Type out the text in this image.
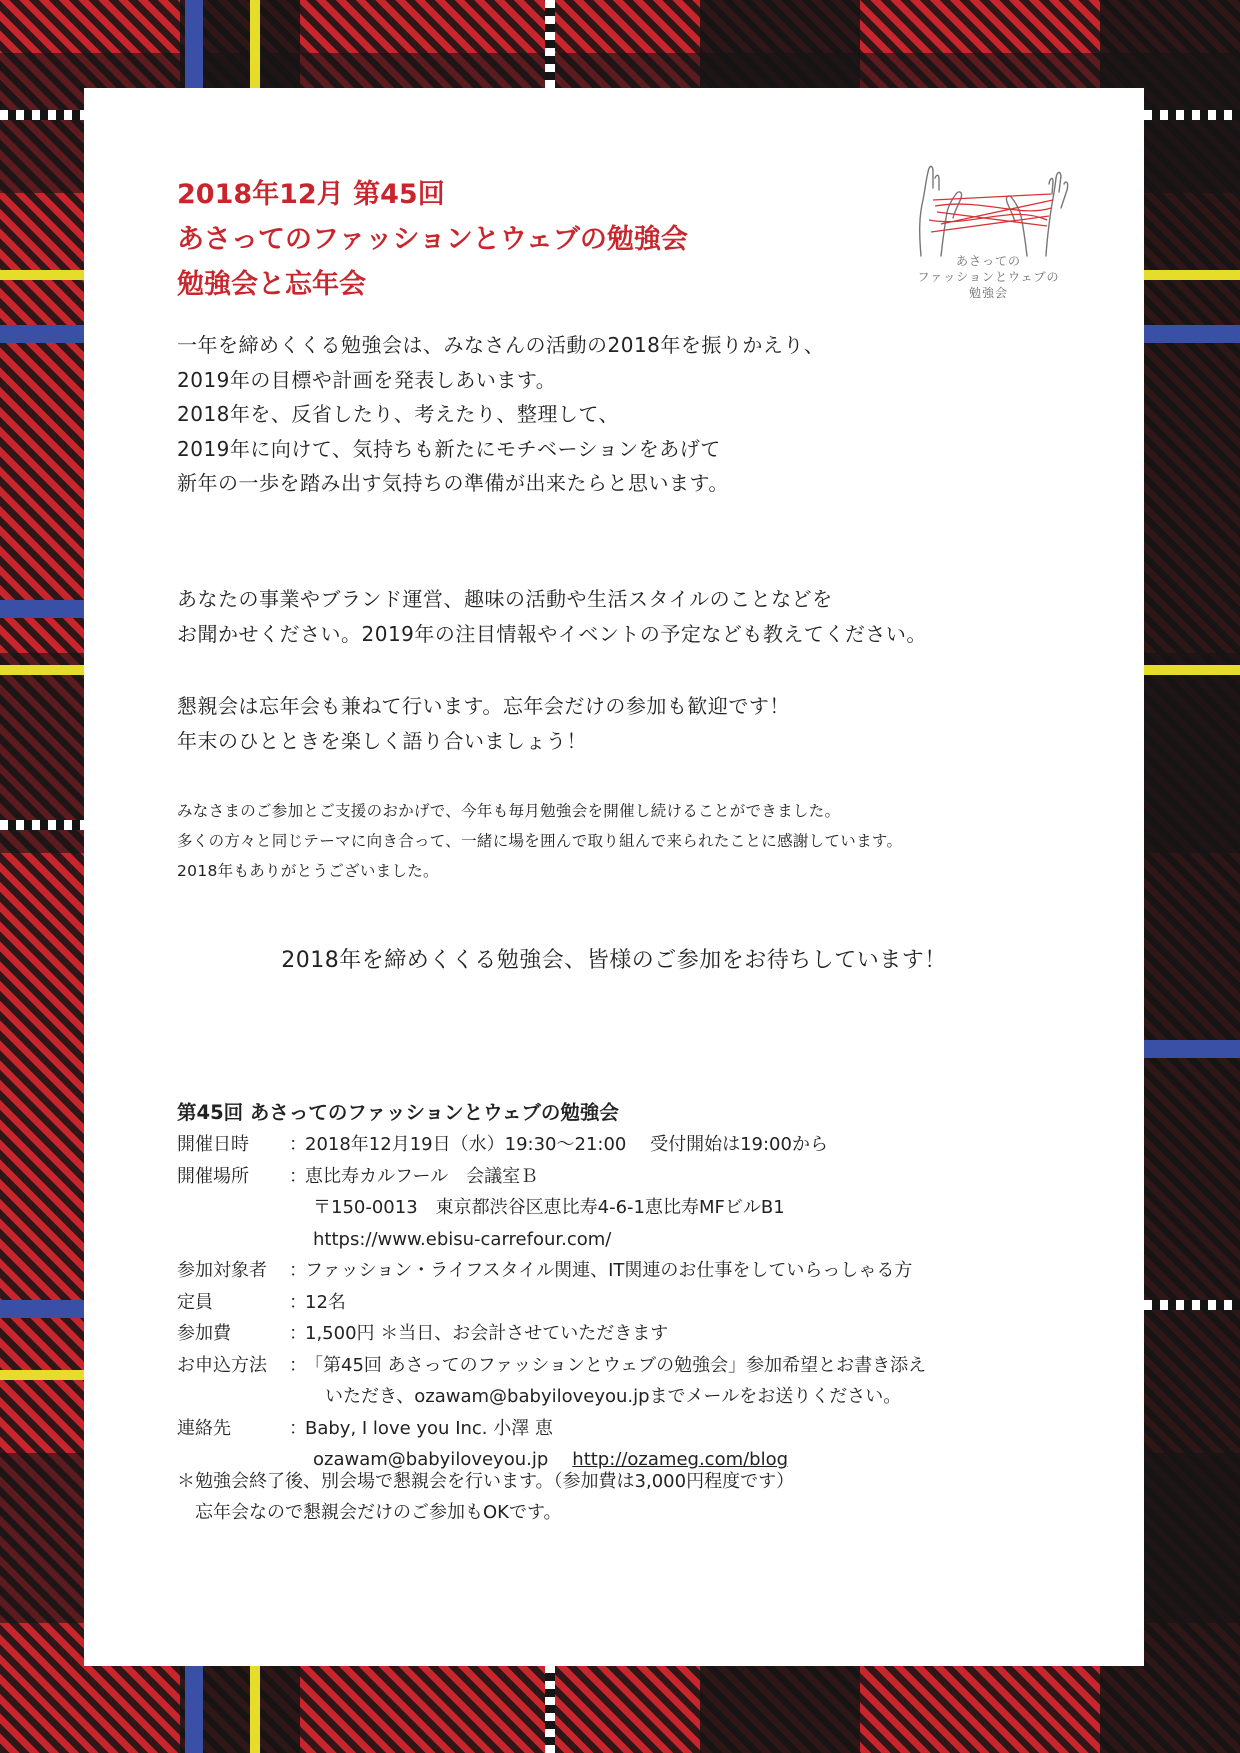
2018年12月 第45回
あさってのファッションとウェブの勉強会
勉強会と忘年会
あさっての
ファッションとウェブの
勉強会

一年を締めくくる勉強会は、みなさんの活動の2018年を振りかえり、
2019年の目標や計画を発表しあいます。
2018年を、反省したり、考えたり、整理して、
2019年に向けて、気持ちも新たにモチベーションをあげて
新年の一歩を踏み出す気持ちの準備が出来たらと思います。

あなたの事業やブランド運営、趣味の活動や生活スタイルのことなどを
お聞かせください。2019年の注目情報やイベントの予定なども教えてください。

懇親会は忘年会も兼ねて行います。忘年会だけの参加も歓迎です！
年末のひとときを楽しく語り合いましょう！

みなさまのご参加とご支援のおかげで、今年も毎月勉強会を開催し続けることができました。
多くの方々と同じテーマに向き合って、一緒に場を囲んで取り組んで来られたことに感謝しています。
2018年もありがとうございました。

2018年を締めくくる勉強会、皆様のご参加をお待ちしています！
第45回 あさってのファッションとウェブの勉強会
開催日時	：
2018年12月19日（水）19:30〜21:00　 受付開始は19:00から
開催場所	：
恵比寿カルフール　会議室Ｂ
〒150-0013　東京都渋谷区恵比寿4-6-1恵比寿MFビルB1
https://www.ebisu-carrefour.com/
参加対象者	：
ファッション・ライフスタイル関連、IT関連のお仕事をしていらっしゃる方
定員	：
12名
参加費	：
1,500円 ＊当日、お会計させていただきます
お申込方法	：
「第45回 あさってのファッションとウェブの勉強会」参加希望とお書き添え
いただき、ozawam@babyiloveyou.jpまでメールをお送りください。
連絡先	：
Baby, I love you Inc. 小澤 恵
ozawam@babyiloveyou.jp http://ozameg.com/blog
＊勉強会終了後、別会場で懇親会を行います。（参加費は3,000円程度です）
　忘年会なので懇親会だけのご参加もOKです。
